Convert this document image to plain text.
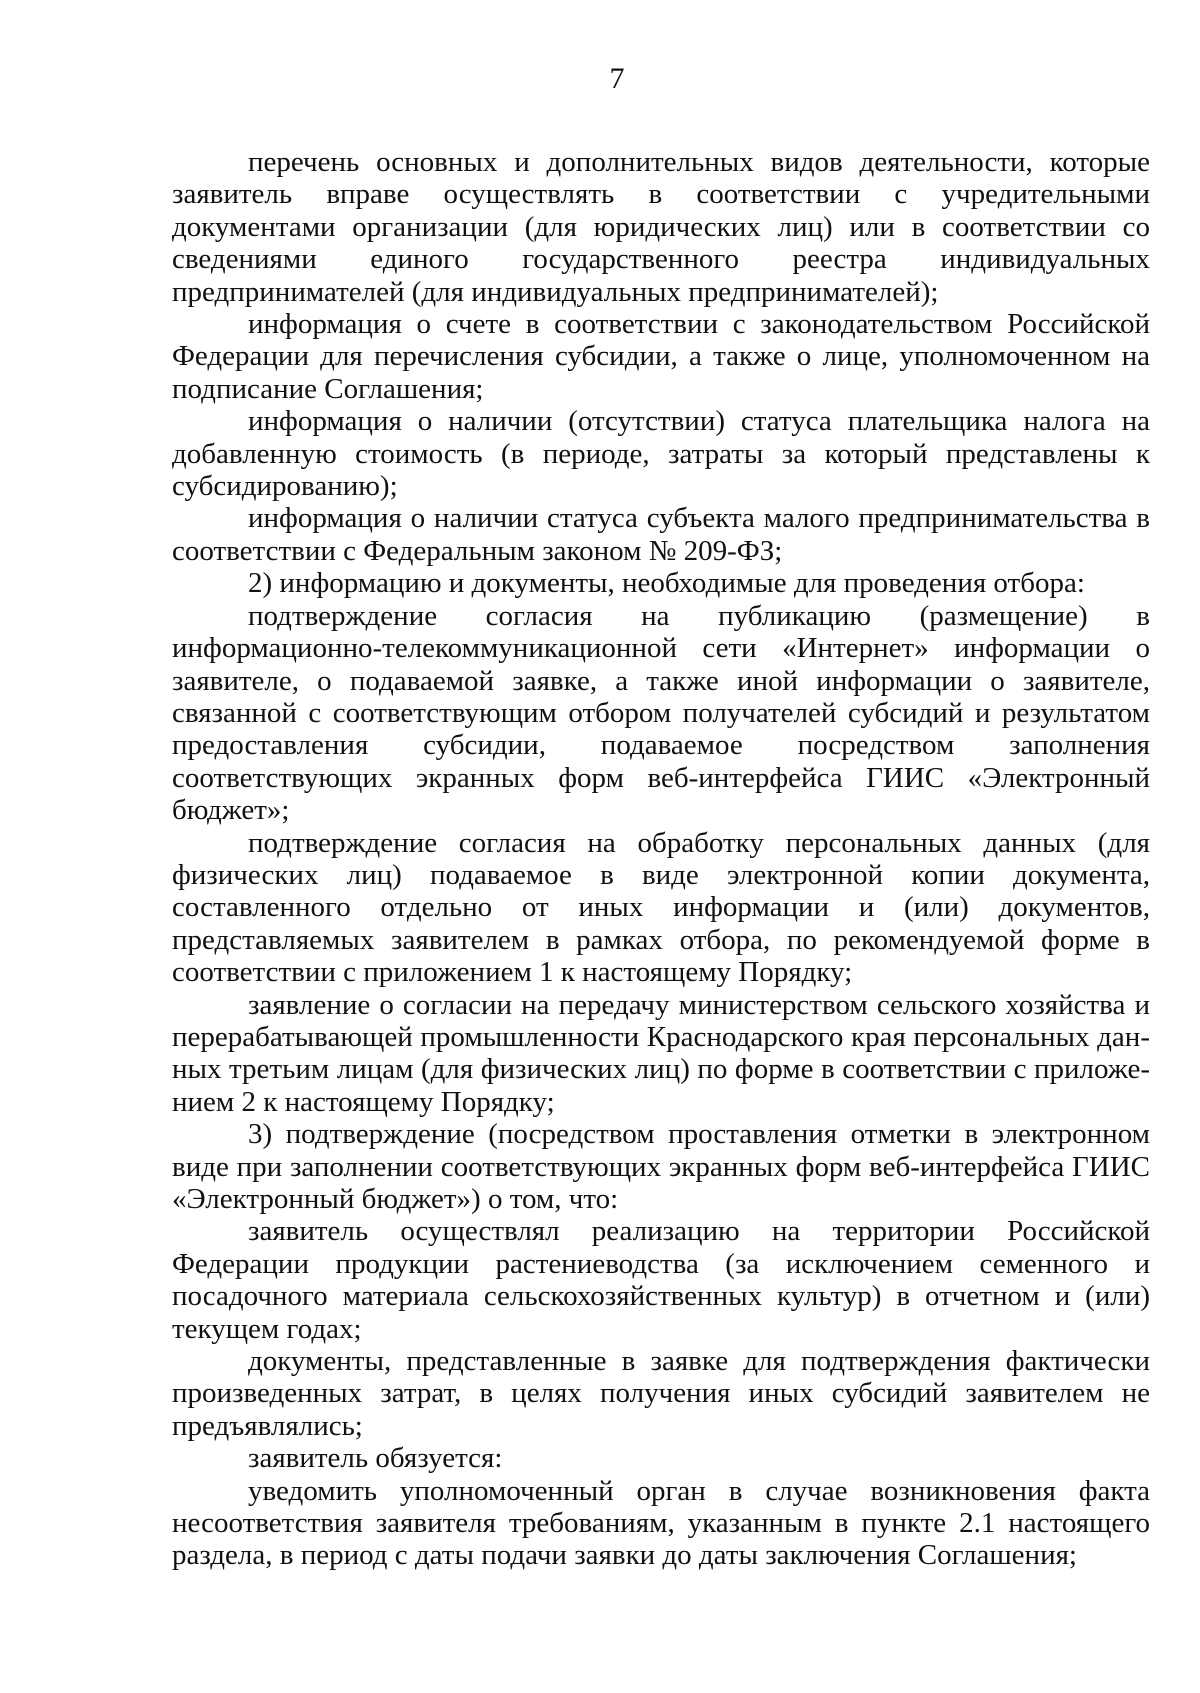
7

перечень основных и дополнительных видов деятельности, которые заявитель вправе осуществлять в соответствии с учредительными документами организации (для юридических лиц) или в соответствии со сведениями единого государственного реестра индивидуальных предпринимателей (для индивидуальных предпринимателей);

информация о счете в соответствии с законодательством Российской Федерации для перечисления субсидии, а также о лице, уполномоченном на подписание Соглашения;

информация о наличии (отсутствии) статуса плательщика налога на добавленную стоимость (в периоде, затраты за который представлены к субсидированию);

информация о наличии статуса субъекта малого предпринимательства в соответствии с Федеральным законом № 209-ФЗ;

2) информацию и документы, необходимые для проведения отбора:

подтверждение согласия на публикацию (размещение) в информационно-телекоммуникационной сети «Интернет» информации о заявителе, о подаваемой заявке, а также иной информации о заявителе, связанной с соответствующим отбором получателей субсидий и результатом предоставления субсидии, подаваемое посредством заполнения соответствующих экранных форм веб-интерфейса ГИИС «Электронный бюджет»;

подтверждение согласия на обработку персональных данных (для физических лиц) подаваемое в виде электронной копии документа, составленного отдельно от иных информации и (или) документов, представляемых заявителем в рамках отбора, по рекомендуемой форме в соответствии с приложением 1 к настоящему Порядку;

заявление о согласии на передачу министерством сельского хозяйства и перерабатывающей промышленности Краснодарского края персональных данных третьим лицам (для физических лиц) по форме в соответствии с приложением 2 к настоящему Порядку;

3) подтверждение (посредством проставления отметки в электронном виде при заполнении соответствующих экранных форм веб-интерфейса ГИИС «Электронный бюджет») о том, что:

заявитель осуществлял реализацию на территории Российской Федерации продукции растениеводства (за исключением семенного и посадочного материала сельскохозяйственных культур) в отчетном и (или) текущем годах;

документы, представленные в заявке для подтверждения фактически произведенных затрат, в целях получения иных субсидий заявителем не предъявлялись;

заявитель обязуется:

уведомить уполномоченный орган в случае возникновения факта несоответствия заявителя требованиям, указанным в пункте 2.1 настоящего раздела, в период с даты подачи заявки до даты заключения Соглашения;
